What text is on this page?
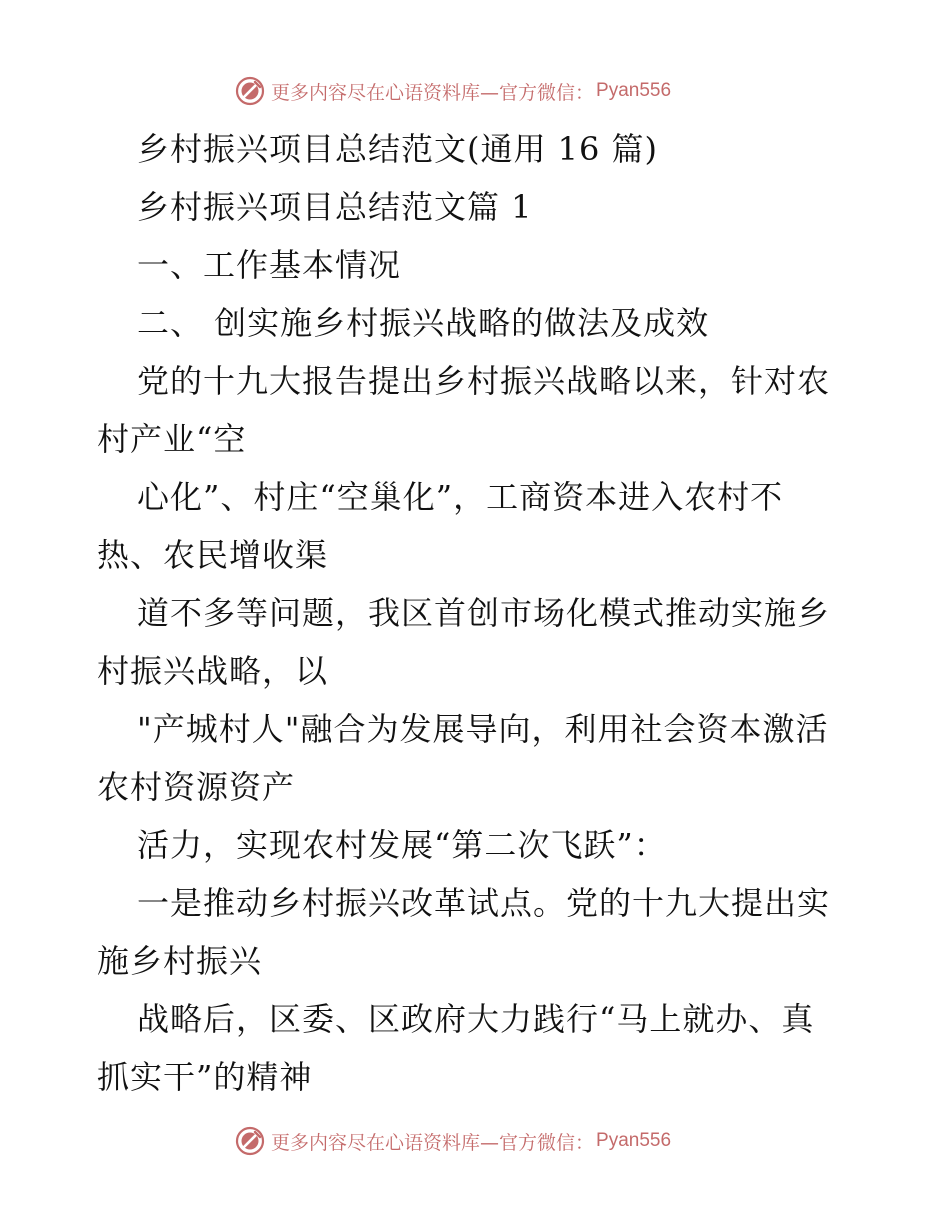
更多内容尽在心语资料库—官方微信： Pyan556

乡村振兴项目总结范文(通用 16 篇)

乡村振兴项目总结范文篇 1

一、工作基本情况

二、 创实施乡村振兴战略的做法及成效

党的十九大报告提出乡村振兴战略以来，针对农

村产业“空

心化”、村庄“空巢化”，工商资本进入农村不

热、农民增收渠

道不多等问题，我区首创市场化模式推动实施乡

村振兴战略，以

"产城村人"融合为发展导向，利用社会资本激活

农村资源资产

活力，实现农村发展“第二次飞跃”：

一是推动乡村振兴改革试点。党的十九大提出实

施乡村振兴

战略后，区委、区政府大力践行“马上就办、真

抓实干”的精神

更多内容尽在心语资料库—官方微信： Pyan556
